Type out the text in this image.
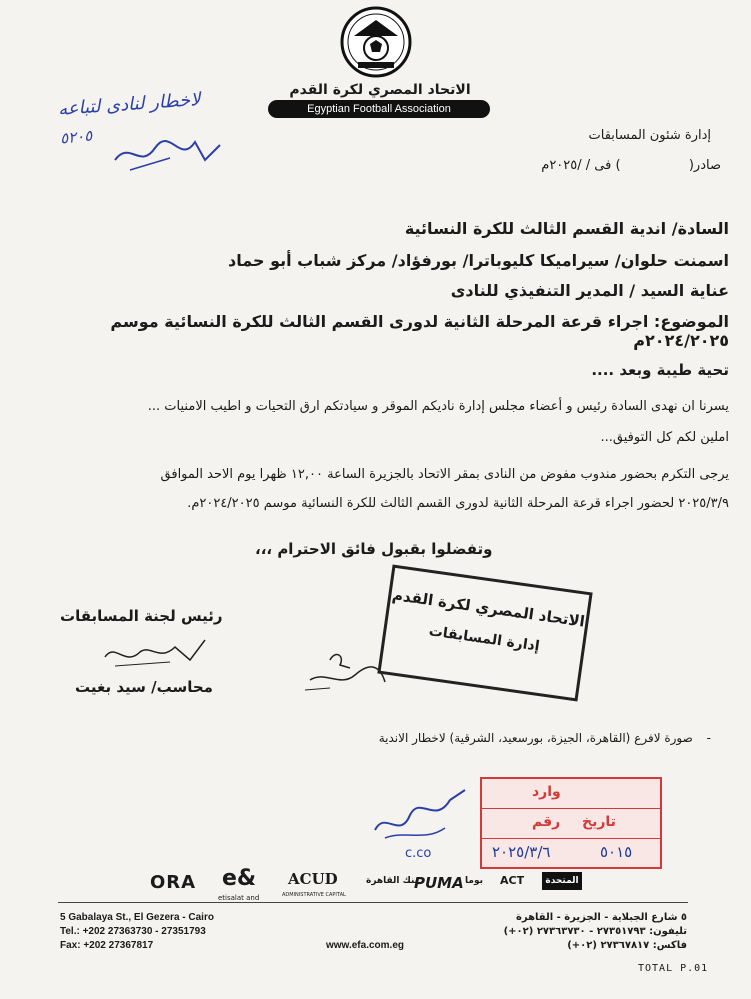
الاتحاد المصري لكرة القدم
Egyptian Football Association
لاخطار لنادى لتباعه
٥٢٠٥	إدارة شئون المسابقات
صادر(  ) فى / /٢٠٢٥م
السادة/ اندية القسم الثالث للكرة النسائية
اسمنت حلوان/ سيراميكا كليوباترا/ بورفؤاد/ مركز شباب أبو حماد
عناية السيد / المدير التنفيذي للنادى
الموضوع: اجراء قرعة المرحلة الثانية لدورى القسم الثالث للكرة النسائية موسم ٢٠٢٤/٢٠٢٥م
تحية طيبة وبعد ....
يسرنا ان نهدى السادة رئيس و أعضاء مجلس إدارة ناديكم الموقر و سيادتكم ارق التحيات و اطيب الامنيات ...
املين لكم كل التوفيق...
يرجى التكرم بحضور مندوب مفوض من النادى بمقر الاتحاد بالجزيرة الساعة ١٢,٠٠ ظهرا يوم الاحد الموافق
٢٠٢٥/٣/٩ لحضور اجراء قرعة المرحلة الثانية لدورى القسم الثالث للكرة النسائية موسم ٢٠٢٤/٢٠٢٥م.
وتفضلوا بقبول فائق الاحترام ،،،
رئيس لجنة المسابقات
محاسب/ سيد بغيت
الاتحاد المصري لكرة القدم
إدارة المسابقات
- صورة لافرع (القاهرة، الجيزة، بورسعيد، الشرقية) لاخطار الاندية
c.co
وارد
رقم تاريخ
٢٠٢٥/٣/٦	٥٠١٥
ORA e&
etisalat and
ACUD
ADMINISTRATIVE CAPITAL
بنك القاهرة
PUMA بوما ACT	المتحدة
5 Gabalaya St., El Gezera - Cairo
Tel.: +202 27363730 - 27351793
Fax: +202 27367817
٥ شارع الجبلاية - الجزيرة - القاهرة
تليفون: ٢٧٣٥١٧٩٣ - ٢٧٣٦٣٧٣٠ (٠٢+)
فاكس: ٢٧٣٦٧٨١٧ (٠٢+)
www.efa.com.eg
TOTAL P.01
